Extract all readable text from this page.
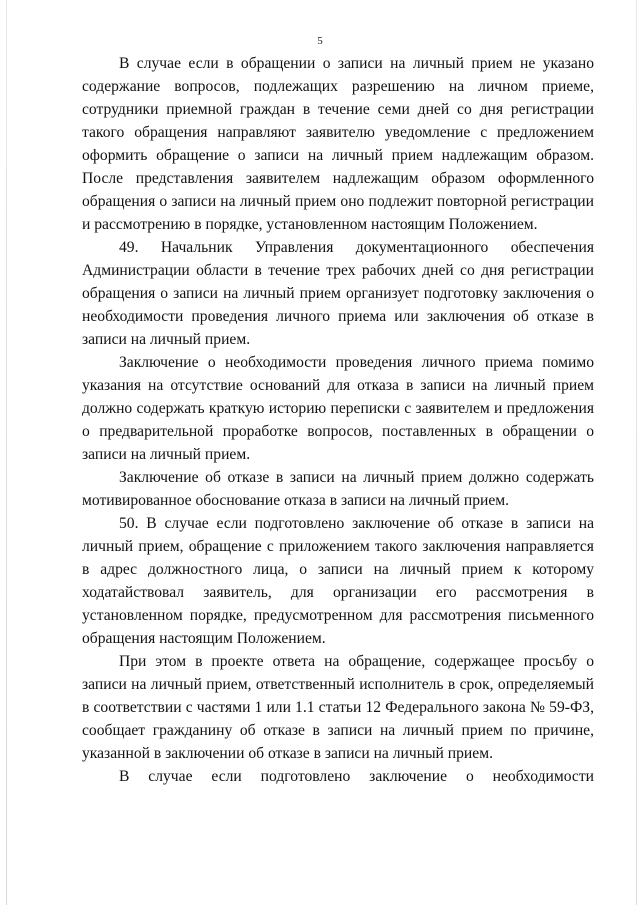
5

В случае если в обращении о записи на личный прием не указано содержание вопросов, подлежащих разрешению на личном приеме, сотрудники приемной граждан в течение семи дней со дня регистрации такого обращения направляют заявителю уведомление с предложением оформить обращение о записи на личный прием надлежащим образом. После представления заявителем надлежащим образом оформленного обращения о записи на личный прием оно подлежит повторной регистрации и рассмотрению в порядке, установленном настоящим Положением.

49. Начальник Управления документационного обеспечения Администрации области в течение трех рабочих дней со дня регистрации обращения о записи на личный прием организует подготовку заключения о необходимости проведения личного приема или заключения об отказе в записи на личный прием.

Заключение о необходимости проведения личного приема помимо указания на отсутствие оснований для отказа в записи на личный прием должно содержать краткую историю переписки с заявителем и предложения о предварительной проработке вопросов, поставленных в обращении о записи на личный прием.

Заключение об отказе в записи на личный прием должно содержать мотивированное обоснование отказа в записи на личный прием.

50. В случае если подготовлено заключение об отказе в записи на личный прием, обращение с приложением такого заключения направляется в адрес должностного лица, о записи на личный прием к которому ходатайствовал заявитель, для организации его рассмотрения в установленном порядке, предусмотренном для рассмотрения письменного обращения настоящим Положением.

При этом в проекте ответа на обращение, содержащее просьбу о записи на личный прием, ответственный исполнитель в срок, определяемый в соответствии с частями 1 или 1.1 статьи 12 Федерального закона № 59-ФЗ, сообщает гражданину об отказе в записи на личный прием по причине, указанной в заключении об отказе в записи на личный прием.

В случае если подготовлено заключение о необходимости
